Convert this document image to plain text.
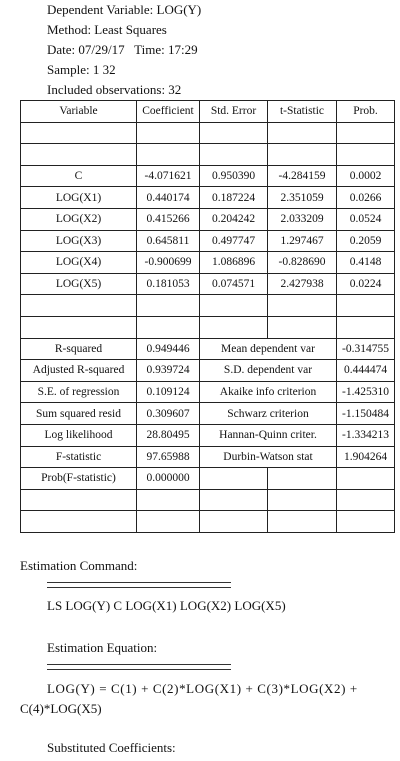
Dependent Variable: LOG(Y)
Method: Least Squares
Date: 07/29/17   Time: 17:29
Sample: 1 32
Included observations: 32
Variable	Coefficient	Std. Error	t-Statistic	Prob.

C	-4.071621	0.950390	-4.284159	0.0002
LOG(X1)	0.440174	0.187224	2.351059	0.0266
LOG(X2)	0.415266	0.204242	2.033209	0.0524
LOG(X3)	0.645811	0.497747	1.297467	0.2059
LOG(X4)	-0.900699	1.086896	-0.828690	0.4148
LOG(X5)	0.181053	0.074571	2.427938	0.0224

R-squared	0.949446	Mean dependent var		-0.314755
Adjusted R-squared	0.939724	S.D. dependent var		0.444474
S.E. of regression	0.109124	Akaike info criterion		-1.425310
Sum squared resid	0.309607	Schwarz criterion		-1.150484
Log likelihood	28.80495	Hannan-Quinn criter.		-1.334213
F-statistic	97.65988	Durbin-Watson stat		1.904264
Prob(F-statistic)	0.000000			

Estimation Command:
LS LOG(Y) C LOG(X1) LOG(X2) LOG(X5)
Estimation Equation:
LOG(Y) = C(1) + C(2)*LOG(X1) + C(3)*LOG(X2) +
C(4)*LOG(X5)
Substituted Coefficients:
